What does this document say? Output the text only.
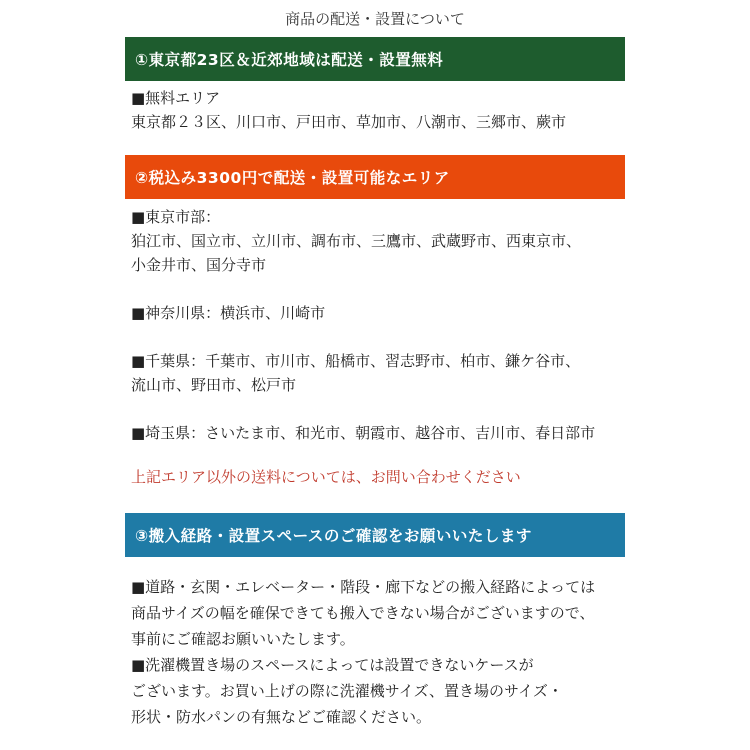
商品の配送・設置について
①東京都23区＆近郊地域は配送・設置無料
■無料エリア
東京都２３区、川口市、戸田市、草加市、八潮市、三郷市、蕨市
②税込み3300円で配送・設置可能なエリア
■東京市部：
狛江市、国立市、立川市、調布市、三鷹市、武蔵野市、西東京市、
小金井市、国分寺市
■神奈川県：横浜市、川崎市
■千葉県：千葉市、市川市、船橋市、習志野市、柏市、鎌ケ谷市、
流山市、野田市、松戸市
■埼玉県：さいたま市、和光市、朝霞市、越谷市、吉川市、春日部市
上記エリア以外の送料については、お問い合わせください
③搬入経路・設置スペースのご確認をお願いいたします
■道路・玄関・エレベーター・階段・廊下などの搬入経路によっては
商品サイズの幅を確保できても搬入できない場合がございますので、
事前にご確認お願いいたします。
■洗濯機置き場のスペースによっては設置できないケースが
ございます。お買い上げの際に洗濯機サイズ、置き場のサイズ・
形状・防水パンの有無などご確認ください。
